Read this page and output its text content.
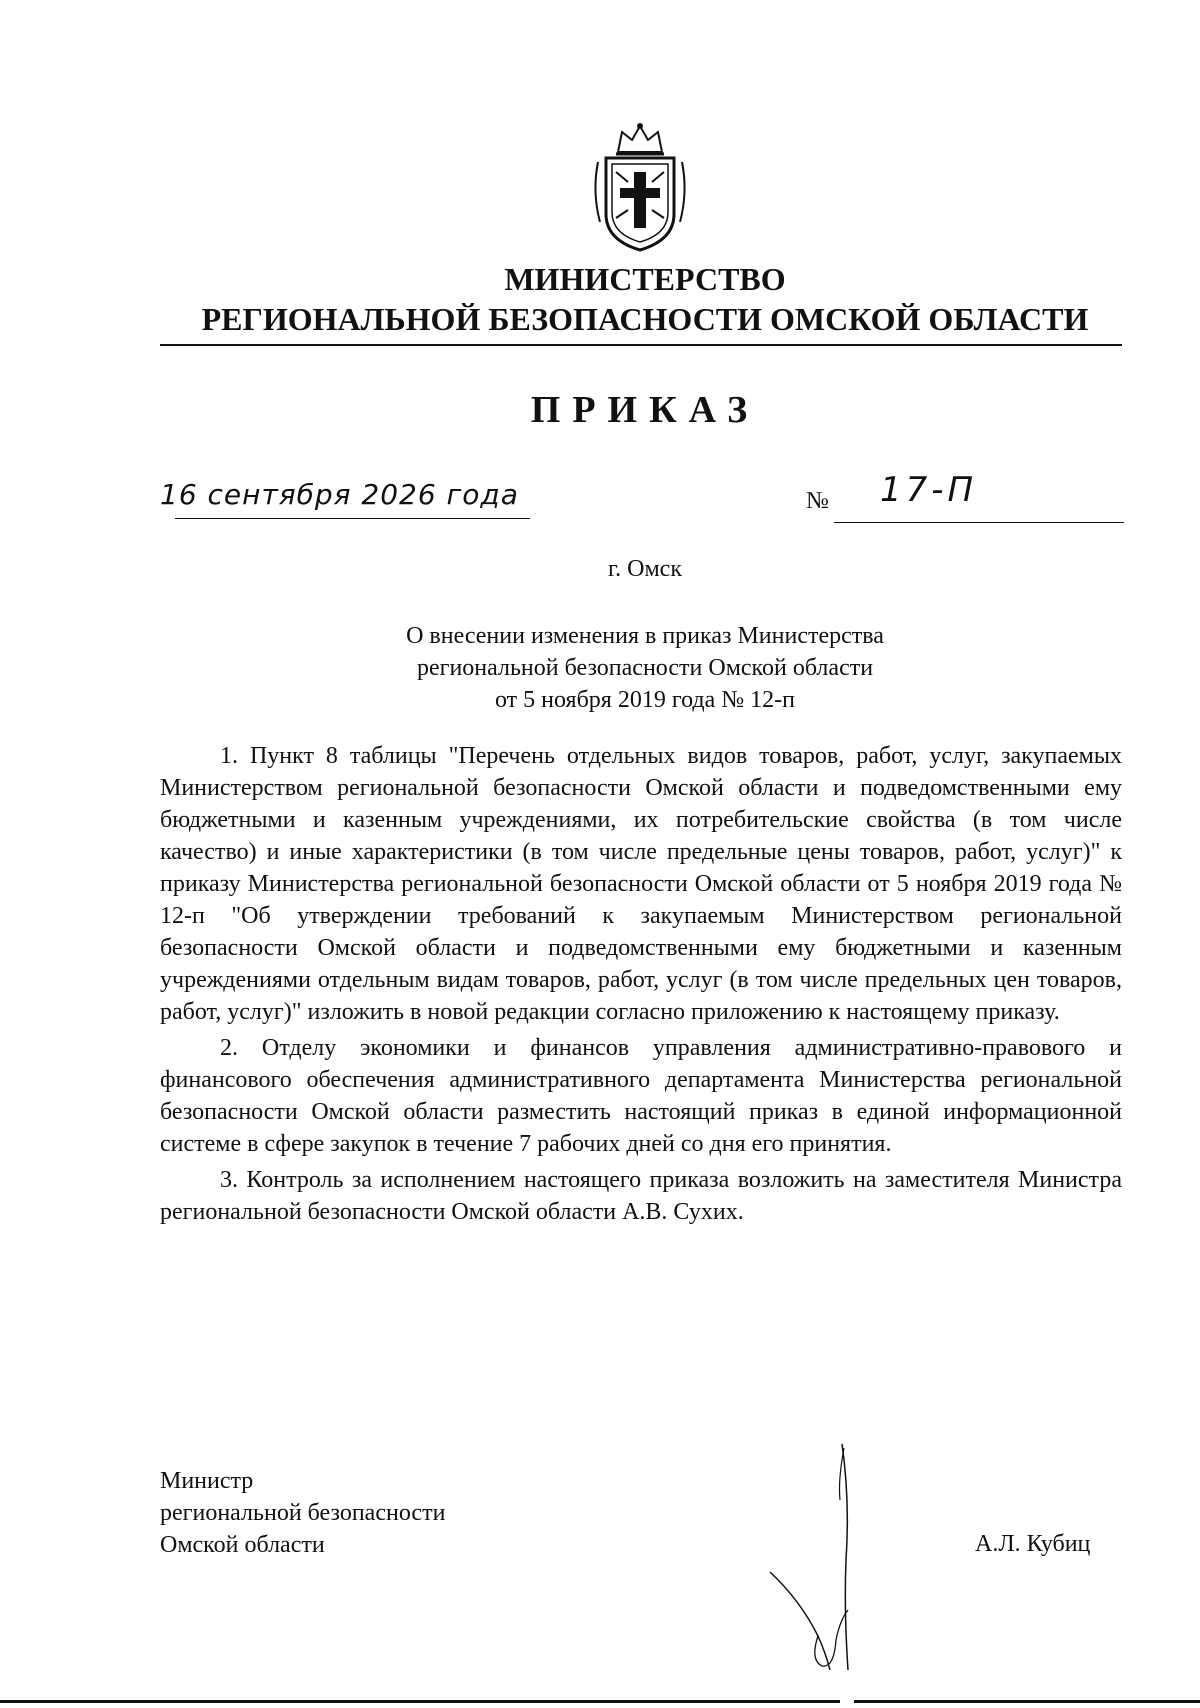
МИНИСТЕРСТВО
РЕГИОНАЛЬНОЙ БЕЗОПАСНОСТИ ОМСКОЙ ОБЛАСТИ
ПРИКАЗ
16 сентября 2026 года	№ 17-П
г. Омск
О внесении изменения в приказ Министерства
региональной безопасности Омской области
от 5 ноября 2019 года № 12-п

1. Пункт 8 таблицы "Перечень отдельных видов товаров, работ, услуг, закупаемых Министерством региональной безопасности Омской области и подведомственными ему бюджетными и казенным учреждениями, их потребительские свойства (в том числе качество) и иные характеристики (в том числе предельные цены товаров, работ, услуг)" к приказу Министерства региональной безопасности Омской области от 5 ноября 2019 года № 12-п "Об утверждении требований к закупаемым Министерством региональной безопасности Омской области и подведомственными ему бюджетными и казенным учреждениями отдельным видам товаров, работ, услуг (в том числе предельных цен товаров, работ, услуг)" изложить в новой редакции согласно приложению к настоящему приказу.

2. Отделу экономики и финансов управления административно-правового и финансового обеспечения административного департамента Министерства региональной безопасности Омской области разместить настоящий приказ в единой информационной системе в сфере закупок в течение 7 рабочих дней со дня его принятия.

3. Контроль за исполнением настоящего приказа возложить на заместителя Министра региональной безопасности Омской области А.В. Сухих.

Министр
региональной безопасности
Омской области	А.Л. Кубиц
